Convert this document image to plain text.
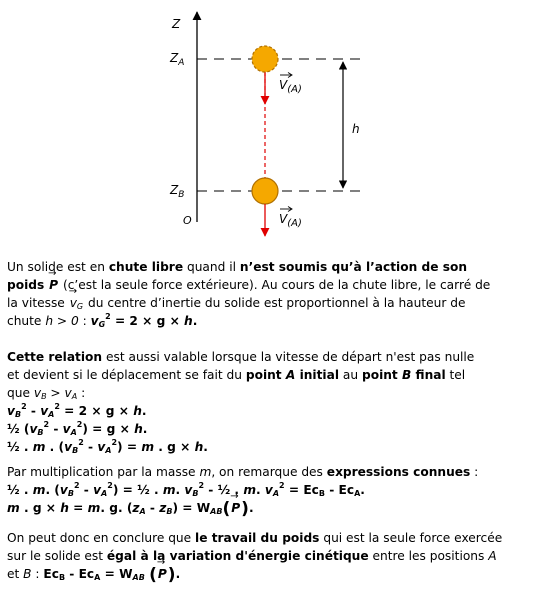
Z
$Z_A$
$Z_B$
O
$V_{(A)}$
$V_{(A)}$
h
Un solide est en chute libre quand il n’est soumis qu’à l’action de son
poids → P (c’est la seule force extérieure). Au cours de la chute libre, le carré de
la vitesse → $v_G$ du centre d’inertie du solide est proportionnel à la hauteur de
chute h > 0 : $v_G^2 = 2 \times g \times h$.
Cette relation est aussi valable lorsque la vitesse de départ n'est pas nulle
et devient si le déplacement se fait du point A initial au point B final tel
que $v_B > v_A$ :
$v_B^2 - v_A^2 = 2 \times g \times h$.
½ $(v_B^2 - v_A^2) = g \times h$.
½ . m . $(v_B^2 - v_A^2) = m$ . g × h.
Par multiplication par la masse m, on remarque des expressions connues :
½ . m. $(v_B^2 - v_A^2)$ = ½ . m. $v_B^2$ - ½ . m. $v_A^2 = Ec_B - Ec_A$.
m . g × h = m. g. $(z_A - z_B) = W_{AB}(\to P)$.
On peut donc en conclure que le travail du poids qui est la seule force exercée
sur le solide est égal à la variation d'énergie cinétique entre les positions A
et B : $Ec_B - Ec_A = W_{AB}$ (→ P).
